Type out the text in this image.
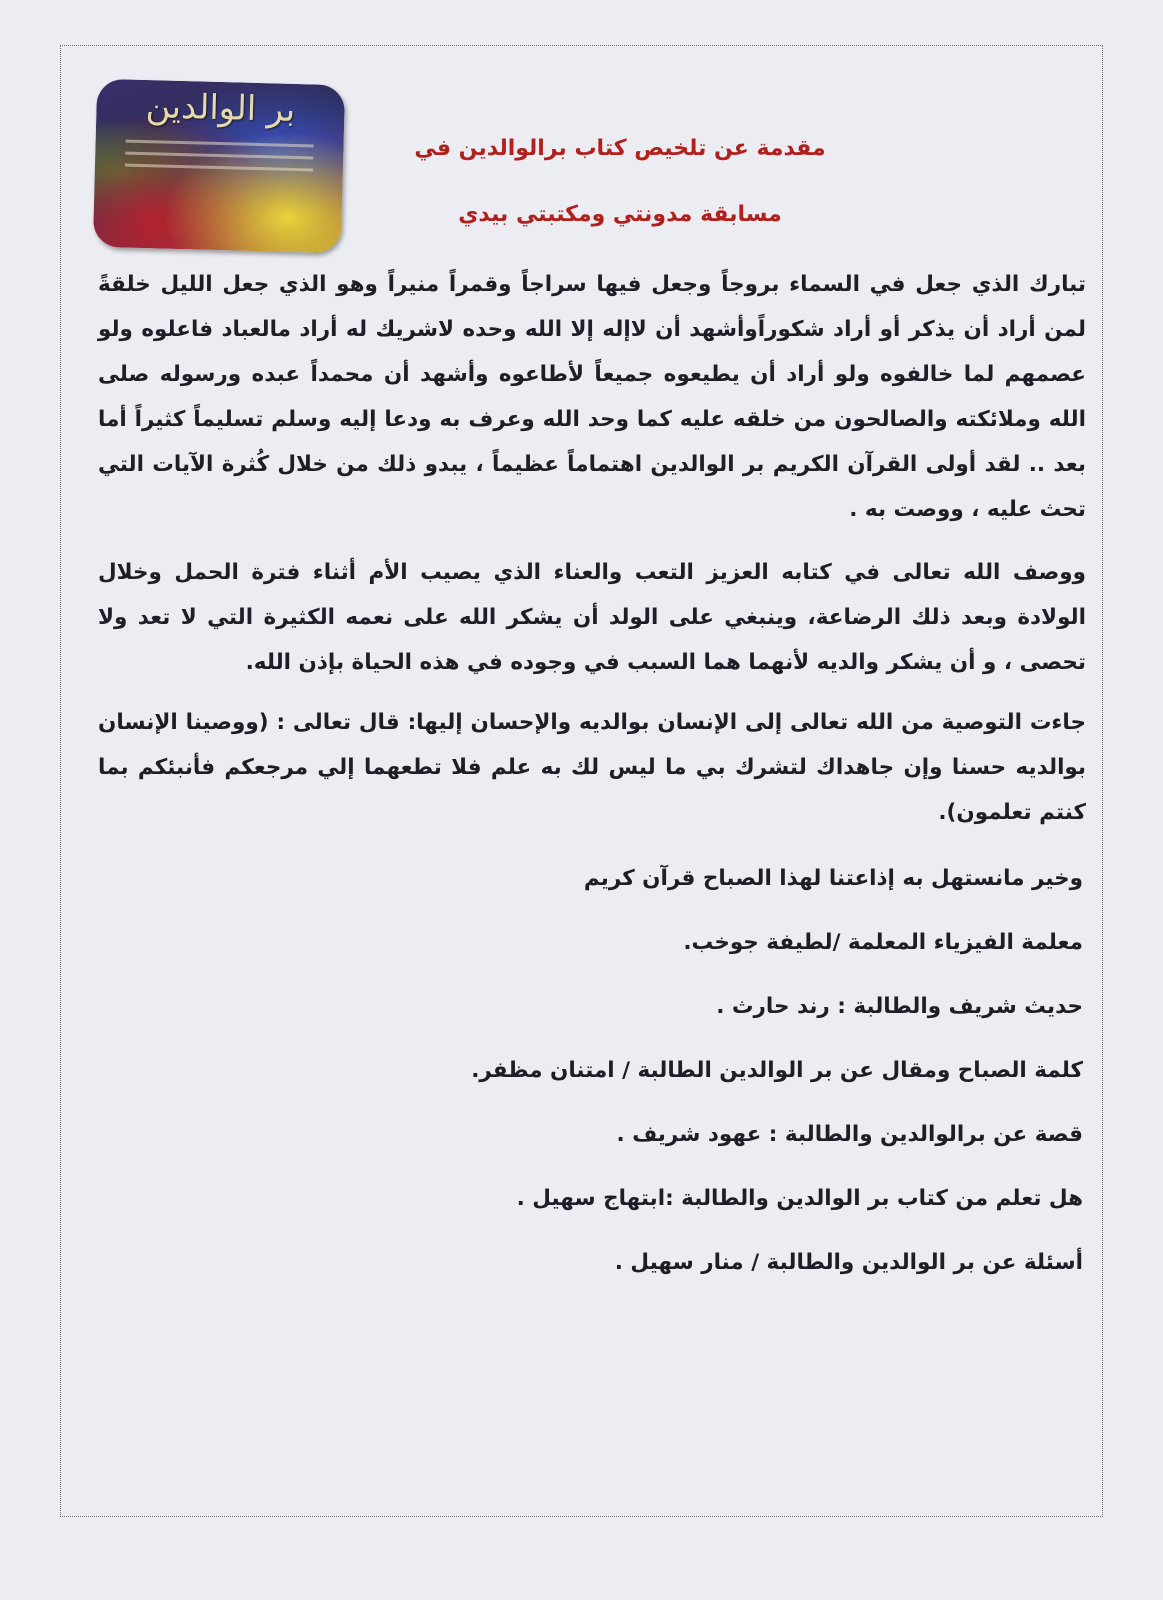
بر الوالدين
مقدمة عن تلخيص كتاب برالوالدين في
مسابقة مدونتي ومكتبتي بيدي

تبارك الذي جعل في السماء بروجاً وجعل فيها سراجاً وقمراً منيراً وهو الذي جعل الليل خلقةً لمن أراد أن يذكر أو أراد شكوراًوأشهد أن لاإله إلا الله وحده لاشريك له أراد مالعباد فاعلوه ولو عصمهم لما خالفوه ولو أراد أن يطيعوه جميعاً لأطاعوه وأشهد أن محمداً عبده ورسوله صلى الله وملائكته والصالحون من خلقه عليه كما وحد الله وعرف به ودعا إليه وسلم تسليماً كثيراً أما بعد .. لقد أولى القرآن الكريم بر الوالدين اهتماماً عظيماً ، يبدو ذلك من خلال كُثرة الآيات التي تحث عليه ، ووصت به .

ووصف الله تعالى في كتابه العزيز التعب والعناء الذي يصيب الأم أثناء فترة الحمل وخلال الولادة وبعد ذلك الرضاعة، وينبغي على الولد أن يشكر الله على نعمه الكثيرة التي لا تعد ولا تحصى ، و أن يشكر والديه لأنهما هما السبب في وجوده في هذه الحياة بإذن الله.

جاءت التوصية من الله تعالى إلى الإنسان بوالديه والإحسان إليها: قال تعالى : (ووصينا الإنسان بوالديه حسنا وإن جاهداك لتشرك بي ما ليس لك به علم فلا تطعهما إلي مرجعكم فأنبئكم بما كنتم تعلمون).

وخير مانستهل به إذاعتنا لهذا الصباح قرآن كريم
معلمة الفيزياء المعلمة /لطيفة جوخب.
حديث شريف والطالبة : رند حارث .
كلمة الصباح ومقال عن بر الوالدين الطالبة / امتنان مظفر.
قصة عن برالوالدين والطالبة : عهود شريف .
هل تعلم من كتاب بر الوالدين والطالبة :ابتهاج سهيل .
أسئلة عن بر الوالدين والطالبة / منار سهيل .
